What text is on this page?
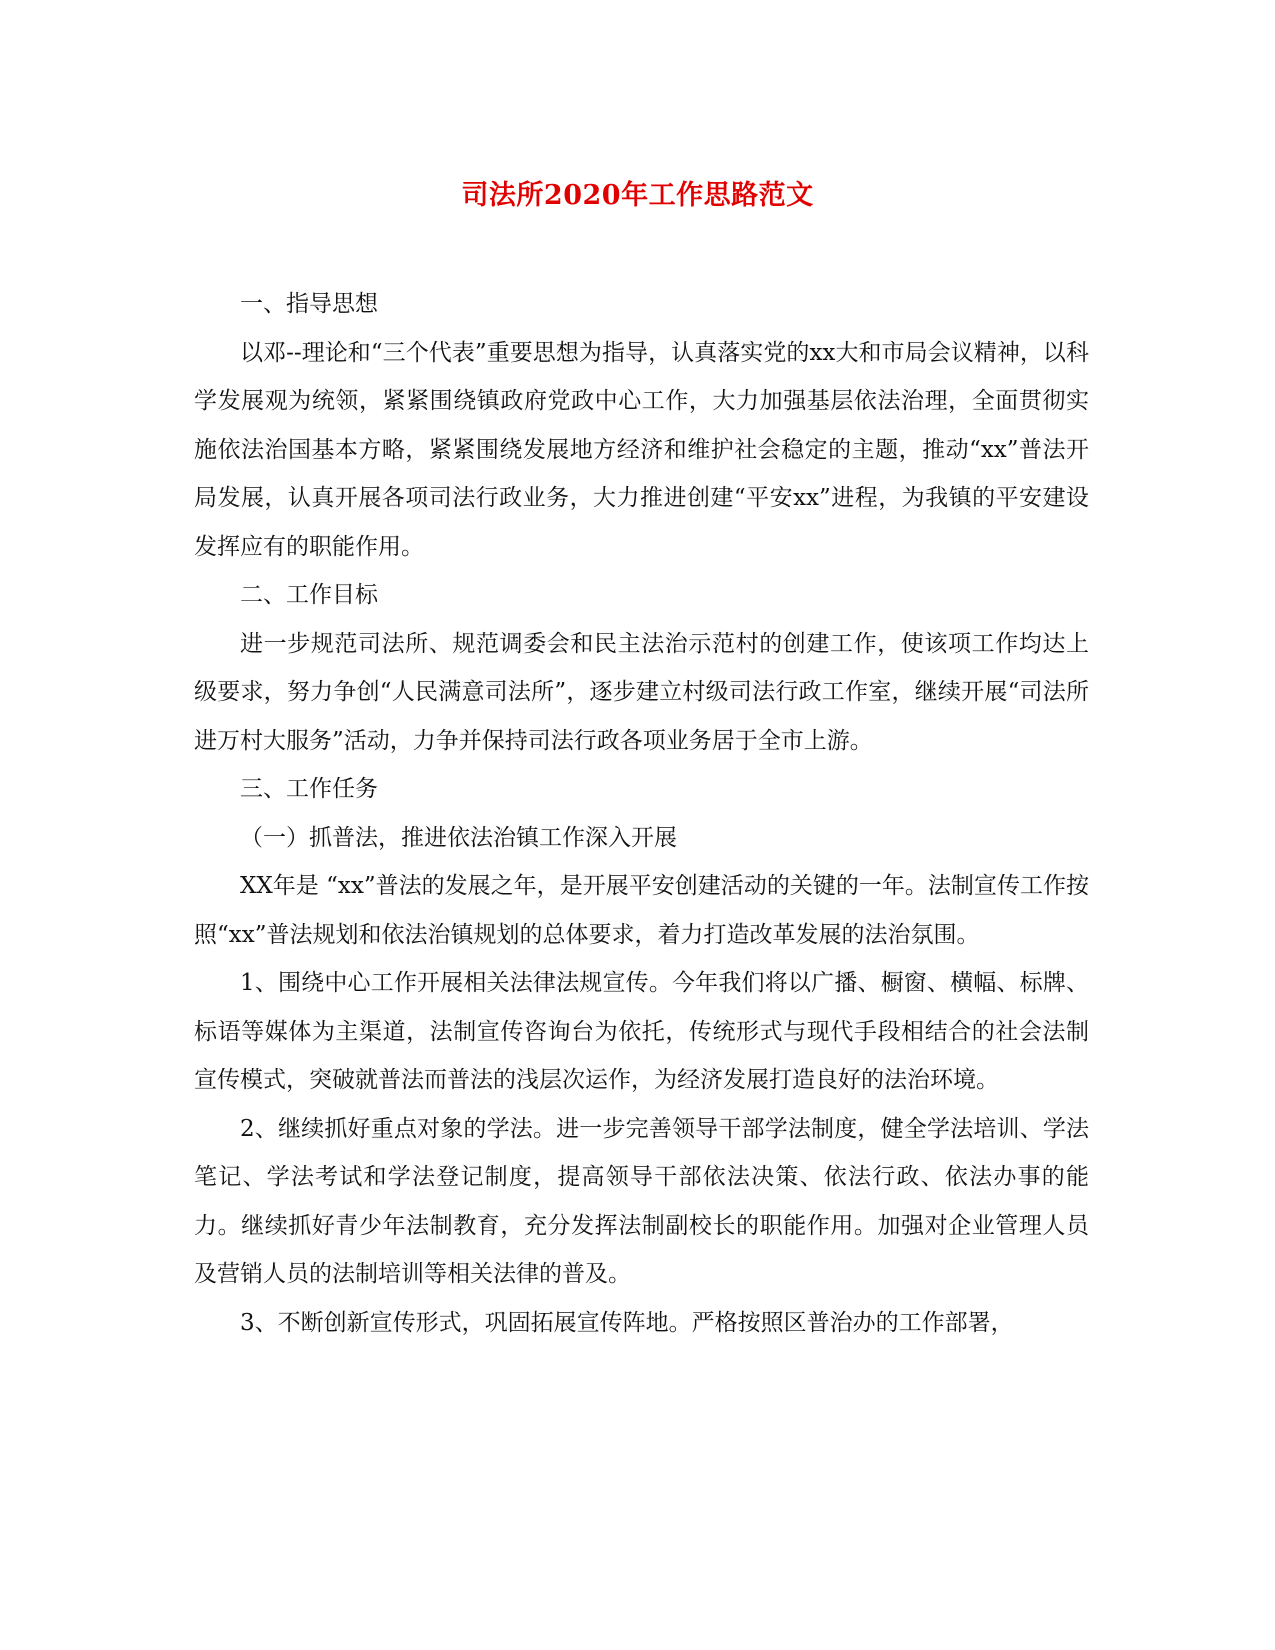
司法所2020年工作思路范文

一、指导思想

以邓--理论和“三个代表”重要思想为指导，认真落实党的xx大和市局会议精神，以科学发展观为统领，紧紧围绕镇政府党政中心工作，大力加强基层依法治理，全面贯彻实施依法治国基本方略，紧紧围绕发展地方经济和维护社会稳定的主题，推动“xx”普法开局发展，认真开展各项司法行政业务，大力推进创建“平安xx”进程，为我镇的平安建设发挥应有的职能作用。

二、工作目标

进一步规范司法所、规范调委会和民主法治示范村的创建工作，使该项工作均达上级要求，努力争创“人民满意司法所”，逐步建立村级司法行政工作室，继续开展“司法所进万村大服务”活动，力争并保持司法行政各项业务居于全市上游。

三、工作任务

（一）抓普法，推进依法治镇工作深入开展

XX年是 “xx”普法的发展之年，是开展平安创建活动的关键的一年。法制宣传工作按照“xx”普法规划和依法治镇规划的总体要求，着力打造改革发展的法治氛围。

1、围绕中心工作开展相关法律法规宣传。今年我们将以广播、橱窗、横幅、标牌、标语等媒体为主渠道，法制宣传咨询台为依托，传统形式与现代手段相结合的社会法制宣传模式，突破就普法而普法的浅层次运作，为经济发展打造良好的法治环境。

2、继续抓好重点对象的学法。进一步完善领导干部学法制度，健全学法培训、学法笔记、学法考试和学法登记制度，提高领导干部依法决策、依法行政、依法办事的能力。继续抓好青少年法制教育，充分发挥法制副校长的职能作用。加强对企业管理人员及营销人员的法制培训等相关法律的普及。

3、不断创新宣传形式，巩固拓展宣传阵地。严格按照区普治办的工作部署，
